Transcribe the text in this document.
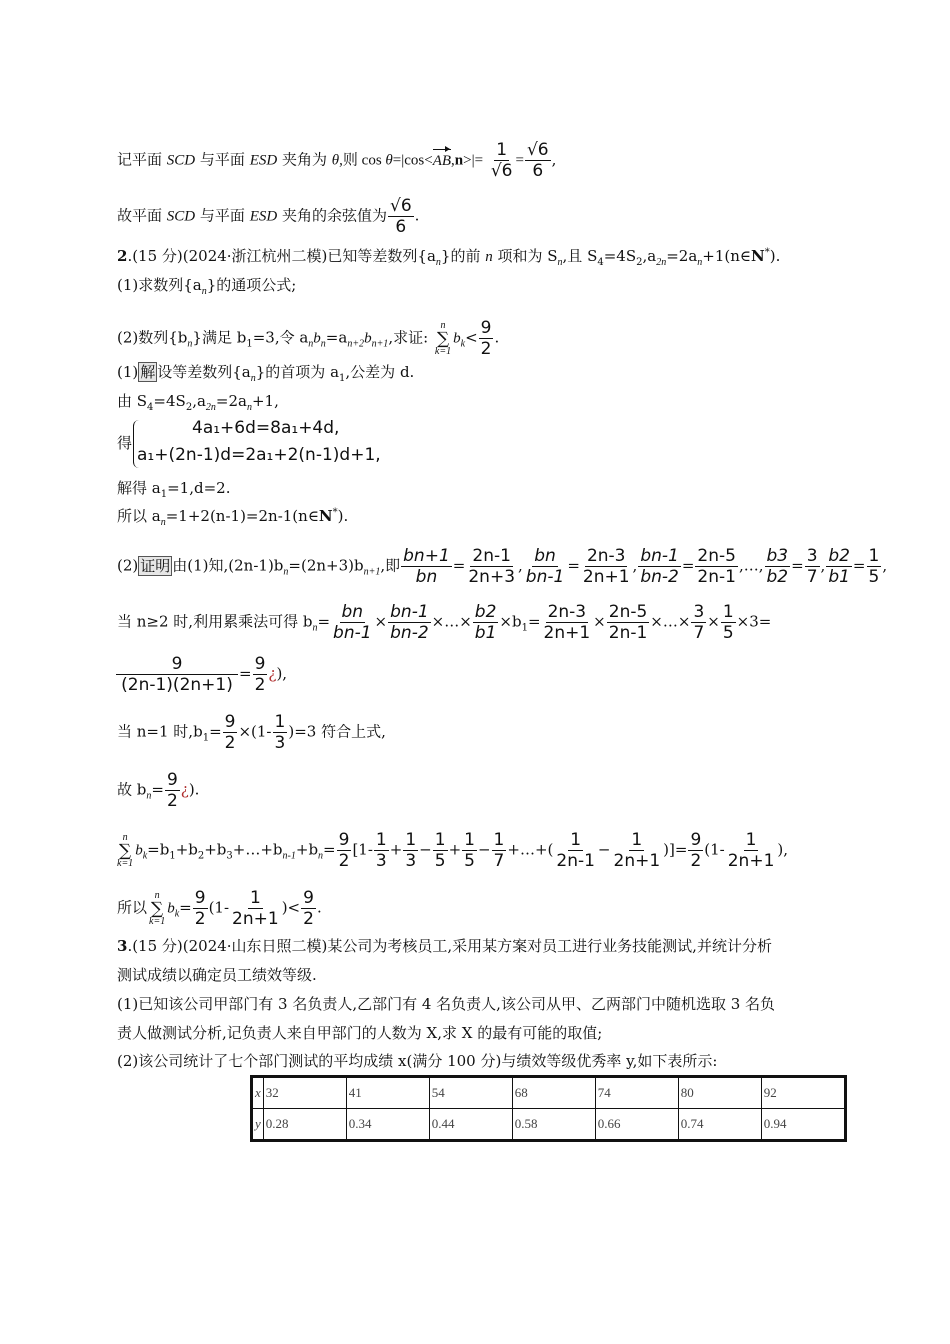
记平面 SCD 与平面 ESD 夹角为 θ,则 $\cos \theta=|\cos<AB,n>|= \frac{1}{√6} = \frac{√6}{6}$ ,
故平面 SCD 与平面 ESD 夹角的余弦值为 $\frac{√6}{6}$ .
2.(15 分)(2024·浙江杭州二模)已知等差数列$\{a_n\}$的前 n 项和为 $S_n$,且 $S_4=4S_2,a_{2n}=2a_n+1(n\in N^*)$.
(1)求数列$\{a_n\}$的通项公式;
(2)数列$\{b_n\}$满足 $b_1=3$,令 $a_nb_n=a_{n+2}b_{n+1}$,求证:
n
∑
k=1
$b_k< \frac{9}{2}$ .
(1) 解 设等差数列$\{a_n\}$的首项为 $a_1$,公差为 d.
由 $S_4=4S_2,a_{2n}=2a_n+1$,
得
4a₁+6d=8a₁+4d,
a₁+(2n-1)d=2a₁+2(n-1)d+1,
解得 $a_1=1,d=2$.
所以 $a_n=1+2(n-1)=2n-1(n\in N^*)$.
(2) 证明 由(1)知$,(2n-1)b_n=(2n+3)b_{n+1}$,即 $\frac{bn+1}{bn} = \frac{2n-1}{2n+3}$ , $\frac{bn}{bn-1} = \frac{2n-3}{2n+1}$ , $\frac{bn-1}{bn-2} = \frac{2n-5}{2n-1}$ ,…, $\frac{b3}{b2} = \frac{3}{7}$ , $\frac{b2}{b1} = \frac{1}{5}$ ,
当 n≥2 时,利用累乘法可得 $b_n= \frac{bn}{bn-1} \times \frac{bn-1}{bn-2}$ ×…× $\frac{b2}{b1} \times b_1= \frac{2n-3}{2n+1} \times \frac{2n-5}{2n-1}$ ×…× $\frac{3}{7} \times \frac{1}{5} \times 3=$
$\frac{9}{(2n-1)(2n+1)} = \frac{9}{2}$ ¿),
当 n=1 时$,b_1= \frac{9}{2} \times(1- \frac{1}{3} )=3$ 符合上式,
故 $b_n= \frac{9}{2}$ ¿).
n
∑
k=1
$b_k=b_1+b_2+b_3+\dots+b_{n-1}+b_n= \frac{9}{2} [1- \frac{1}{3} + \frac{1}{3} - \frac{1}{5} + \frac{1}{5} - \frac{1}{7}$ +…+( $\frac{1}{2n-1} - \frac{1}{2n+1}$ )]= $\frac{9}{2} (1- \frac{1}{2n+1}$ ),
所以
n
∑
k=1
$b_k= \frac{9}{2} (1- \frac{1}{2n+1}$ )< $\frac{9}{2}$ .
3.(15 分)(2024·山东日照二模)某公司为考核员工,采用某方案对员工进行业务技能测试,并统计分析
测试成绩以确定员工绩效等级.
(1)已知该公司甲部门有 3 名负责人,乙部门有 4 名负责人,该公司从甲、乙两部门中随机选取 3 名负
责人做测试分析,记负责人来自甲部门的人数为 X,求 X 的最有可能的取值;
(2)该公司统计了七个部门测试的平均成绩 x(满分 100 分)与绩效等级优秀率 y,如下表所示:
x	32	41	54	68	74	80	92
y	0.28	0.34	0.44	0.58	0.66	0.74	0.94
